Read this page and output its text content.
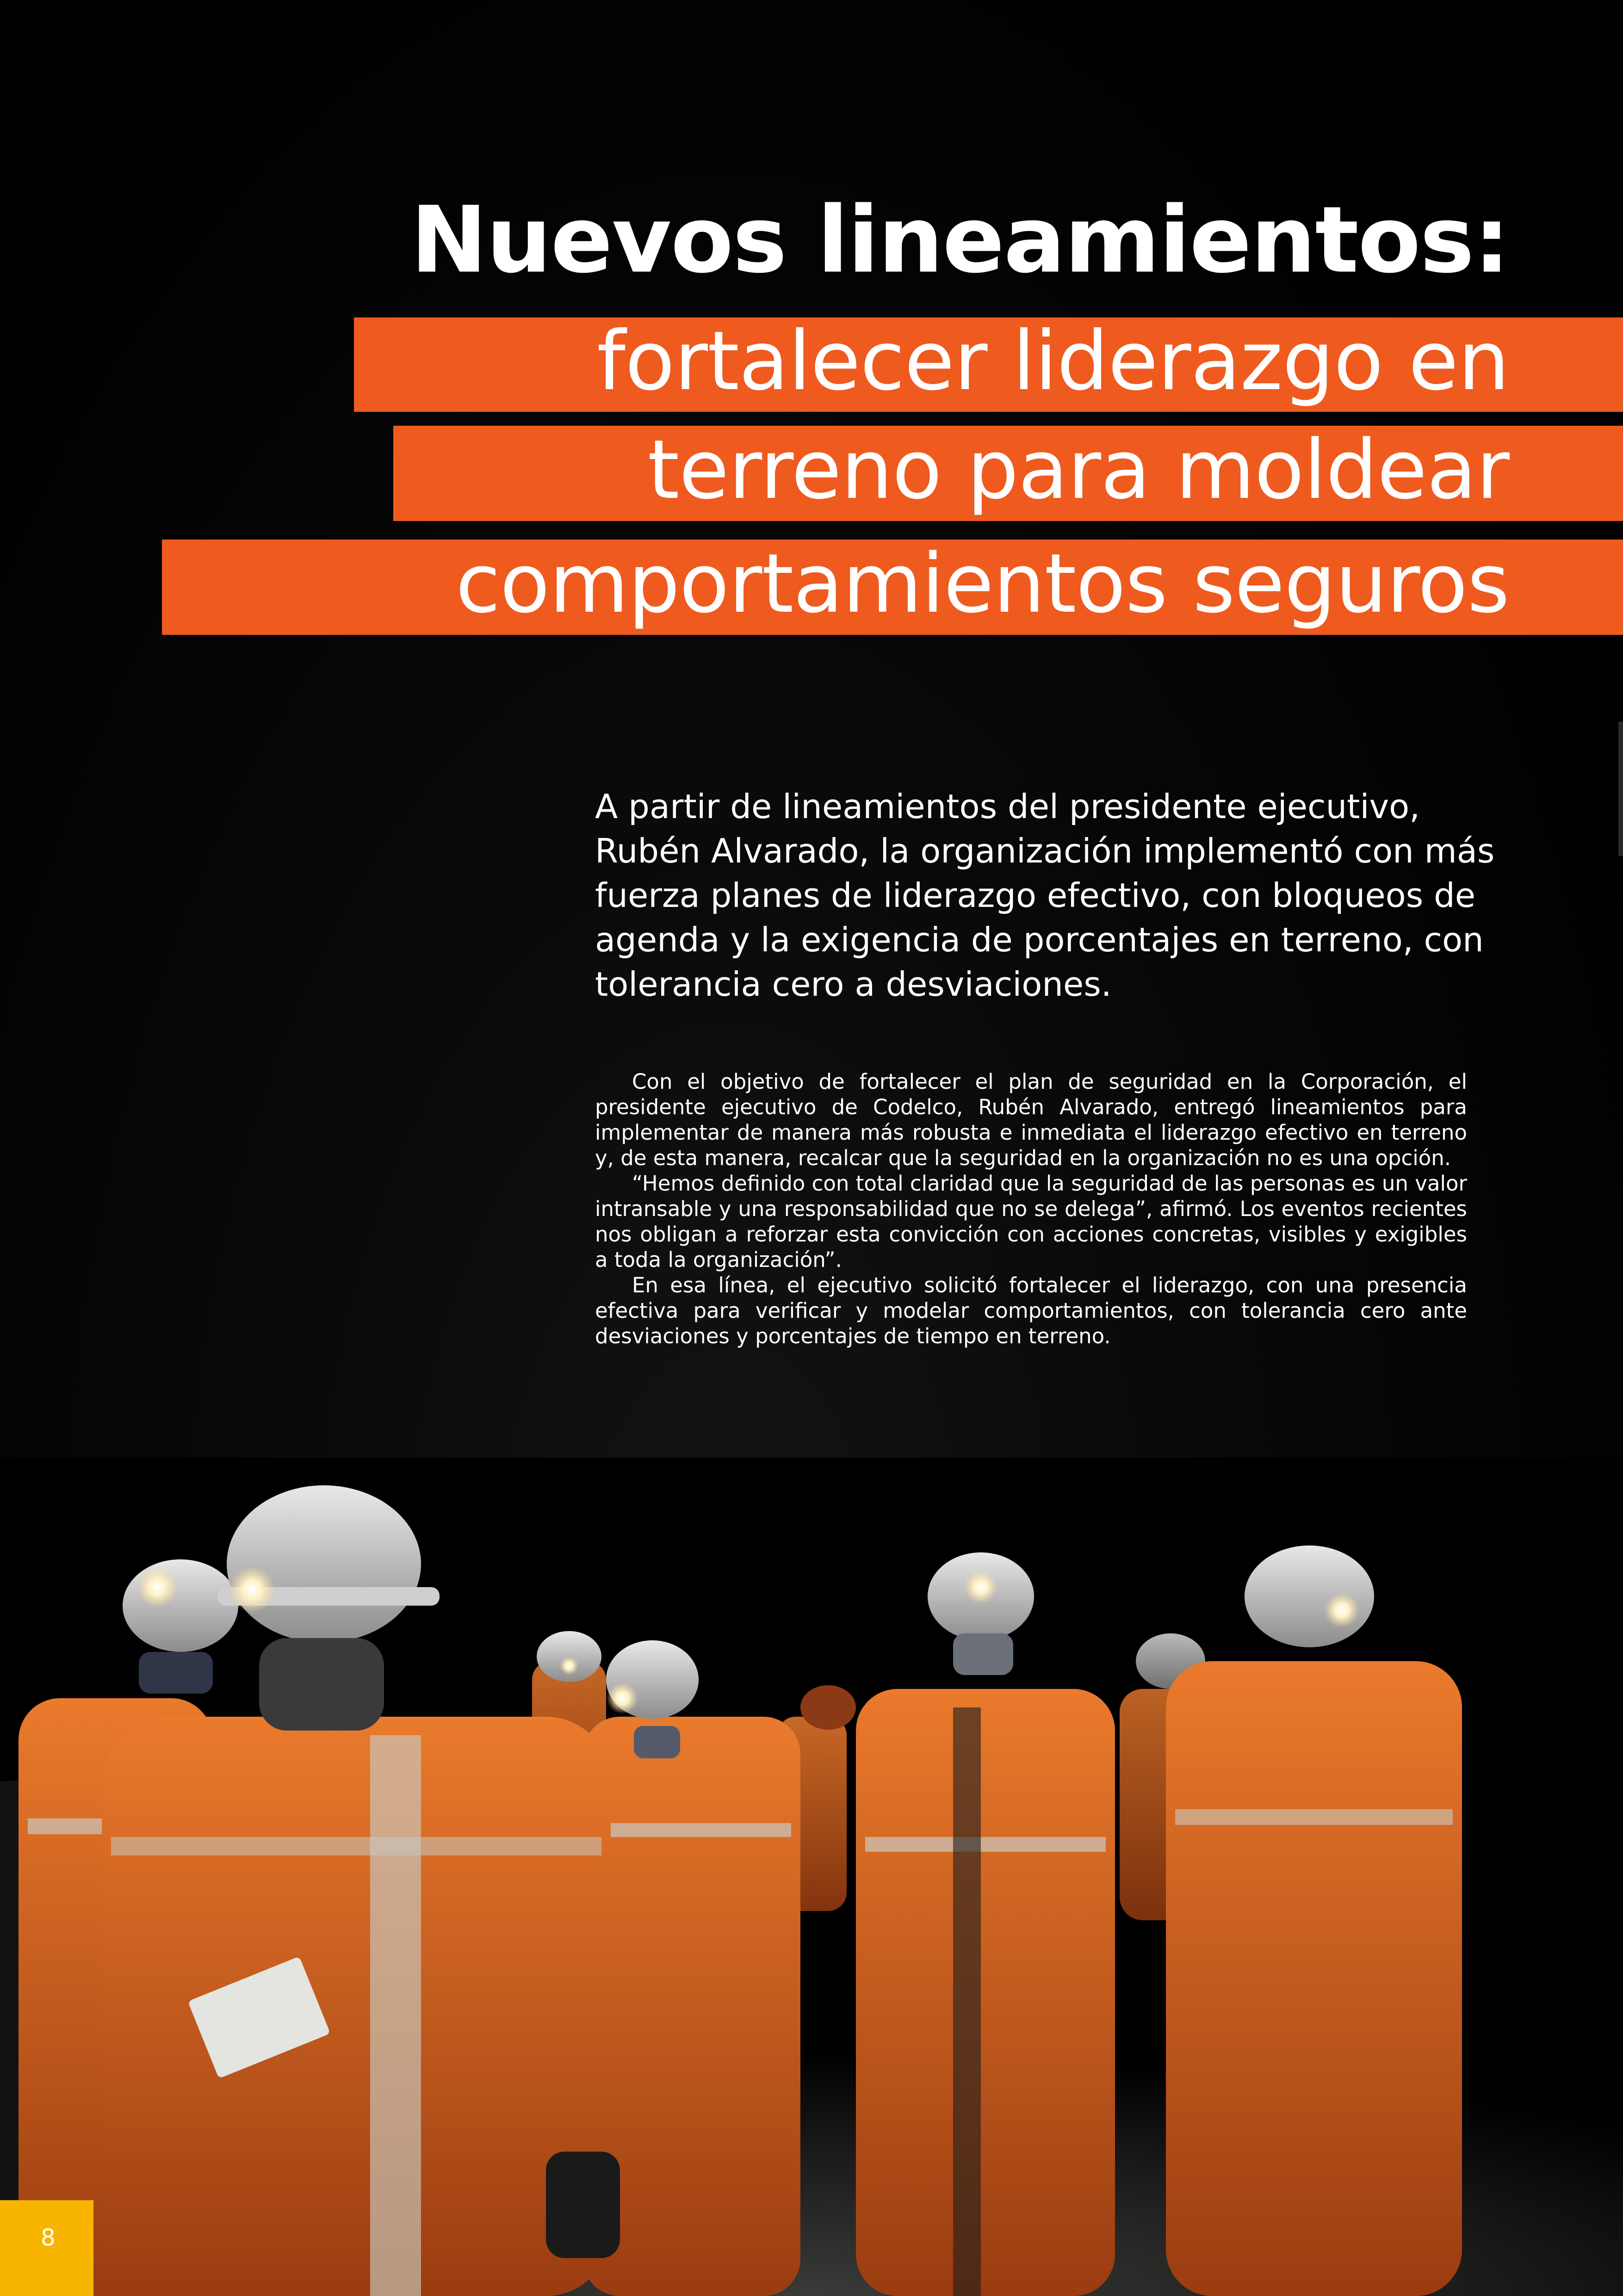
Nuevos lineamientos:
fortalecer liderazgo en
terreno para moldear
comportamientos seguros

A partir de lineamientos del presidente ejecutivo, Rubén Alvarado, la organización implementó con más fuerza planes de liderazgo efectivo, con bloqueos de agenda y la exigencia de porcentajes en terreno, con tolerancia cero a desviaciones.

Con el objetivo de fortalecer el plan de seguridad en la Corporación, el presidente ejecutivo de Codelco, Rubén Alvarado, entregó lineamientos para implementar de manera más robusta e inmediata el liderazgo efectivo en terreno y, de esta manera, recalcar que la seguridad en la organización no es una opción.

“Hemos definido con total claridad que la seguridad de las personas es un valor intransable y una responsabilidad que no se delega”, afirmó. Los eventos recientes nos obligan a reforzar esta convicción con acciones concretas, visibles y exigibles a toda la organización”.

En esa línea, el ejecutivo solicitó fortalecer el liderazgo, con una presencia efectiva para verificar y modelar comportamientos, con tolerancia cero ante desviaciones y porcentajes de tiempo en terreno.

8
